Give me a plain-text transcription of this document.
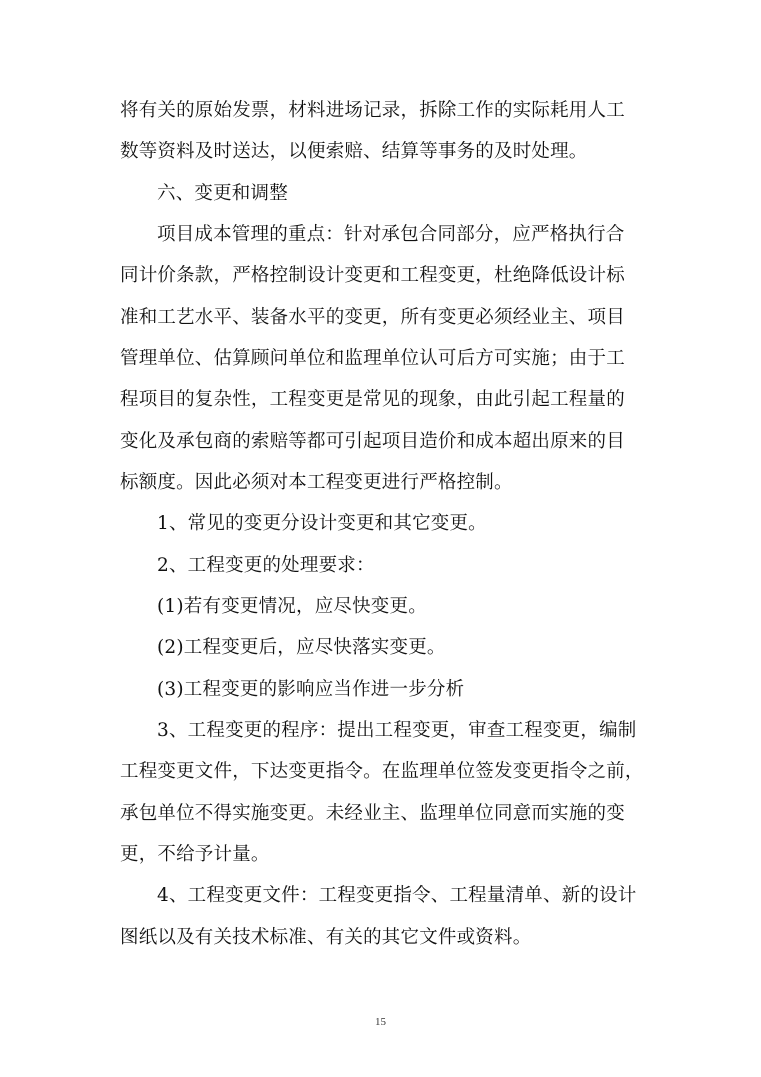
将有关的原始发票，材料进场记录，拆除工作的实际耗用人工
数等资料及时送达，以便索赔、结算等事务的及时处理。
六、变更和调整
项目成本管理的重点：针对承包合同部分，应严格执行合
同计价条款，严格控制设计变更和工程变更，杜绝降低设计标
准和工艺水平、装备水平的变更，所有变更必须经业主、项目
管理单位、估算顾问单位和监理单位认可后方可实施；由于工
程项目的复杂性，工程变更是常见的现象，由此引起工程量的
变化及承包商的索赔等都可引起项目造价和成本超出原来的目
标额度。因此必须对本工程变更进行严格控制。
1、常见的变更分设计变更和其它变更。
2、工程变更的处理要求：
(1)若有变更情况，应尽快变更。
(2)工程变更后，应尽快落实变更。
(3)工程变更的影响应当作进一步分析
3、工程变更的程序：提出工程变更，审查工程变更，编制
工程变更文件，下达变更指令。在监理单位签发变更指令之前，
承包单位不得实施变更。未经业主、监理单位同意而实施的变
更，不给予计量。
4、工程变更文件：工程变更指令、工程量清单、新的设计
图纸以及有关技术标准、有关的其它文件或资料。
15
